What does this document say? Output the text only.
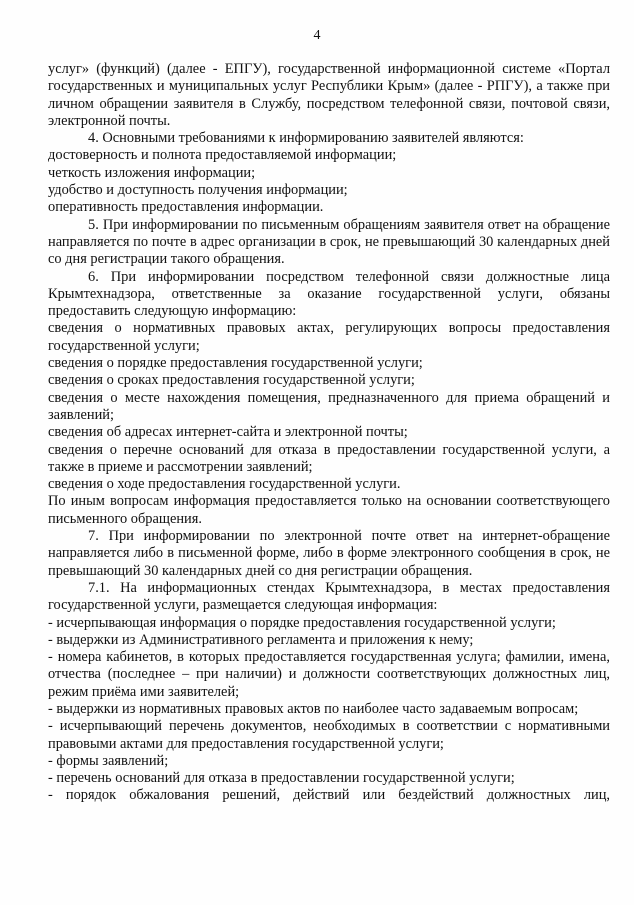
4

услуг» (функций) (далее - ЕПГУ), государственной информационной системе «Портал государственных и муниципальных услуг Республики Крым» (далее - РПГУ), а также при личном обращении заявителя в Службу, посредством телефонной связи, почтовой связи, электронной почты.

4. Основными требованиями к информированию заявителей являются:

достоверность и полнота предоставляемой информации;

четкость изложения информации;

удобство и доступность получения информации;

оперативность предоставления информации.

5. При информировании по письменным обращениям заявителя ответ на обращение направляется по почте в адрес организации в срок, не превышающий 30 календарных дней со дня регистрации такого обращения.

6. При информировании посредством телефонной связи должностные лица Крымтехнадзора, ответственные за оказание государственной услуги, обязаны предоставить следующую информацию:

сведения о нормативных правовых актах, регулирующих вопросы предоставления государственной услуги;

сведения о порядке предоставления государственной услуги;

сведения о сроках предоставления государственной услуги;

сведения о месте нахождения помещения, предназначенного для приема обращений и заявлений;

сведения об адресах интернет-сайта и электронной почты;

сведения о перечне оснований для отказа в предоставлении государственной услуги, а также в приеме и рассмотрении заявлений;

сведения о ходе предоставления государственной услуги.

По иным вопросам информация предоставляется только на основании соответствующего письменного обращения.

7. При информировании по электронной почте ответ на интернет-обращение направляется либо в письменной форме, либо в форме электронного сообщения в срок, не превышающий 30 календарных дней со дня регистрации обращения.

7.1. На информационных стендах Крымтехнадзора, в местах предоставления государственной услуги, размещается следующая информация:

- исчерпывающая информация о порядке предоставления государственной услуги;

- выдержки из Административного регламента и приложения к нему;

- номера кабинетов, в которых предоставляется государственная услуга; фамилии, имена, отчества (последнее – при наличии) и должности соответствующих должностных лиц, режим приёма ими заявителей;

- выдержки из нормативных правовых актов по наиболее часто задаваемым вопросам;

- исчерпывающий перечень документов, необходимых в соответствии с нормативными правовыми актами для предоставления государственной услуги;

- формы заявлений;

- перечень оснований для отказа в предоставлении государственной услуги;

- порядок обжалования решений, действий или бездействий должностных лиц,
